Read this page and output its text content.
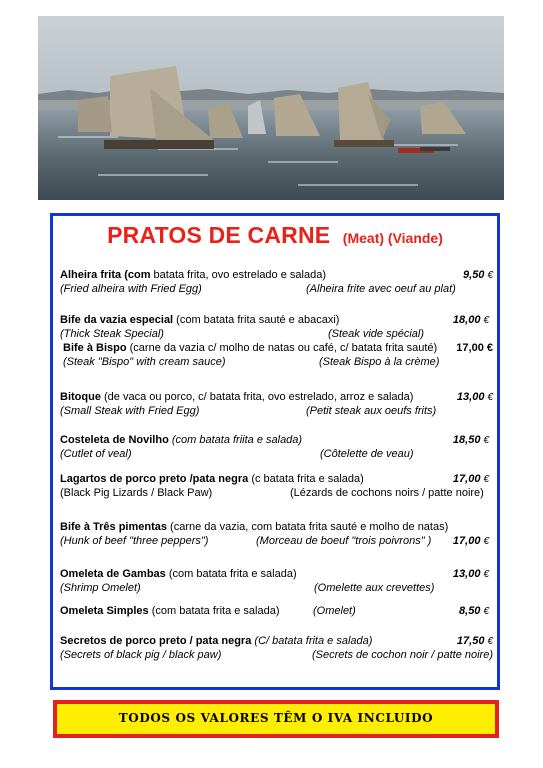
PRATOS DE CARNE (Meat) (Viande)
Alheira frita (com batata frita, ovo estrelado e salada)	9,50 €
(Fried alheira with Fried Egg)	(Alheira frite avec oeuf au plat)
Bife da vazia especial (com batata frita sauté e abacaxi)	18,00 €
(Thick Steak Special)	(Steak vide spécial)
Bife à Bispo (carne da vazia c/ molho de natas ou café, c/ batata frita sauté) 17,00 €
(Steak "Bispo" with cream sauce)	(Steak Bispo à la crème)
Bitoque (de vaca ou porco, c/ batata frita, ovo estrelado, arroz e salada)	13,00 €
(Small Steak with Fried Egg)	(Petit steak aux oeufs frits)
Costeleta de Novilho (com batata friita e salada)	18,50 €
(Cutlet of veal)	(Côtelette de veau)
Lagartos de porco preto /pata negra (c batata frita e salada)	17,00 €
(Black Pig Lizards / Black Paw)	(Lézards de cochons noirs / patte noire)
Bife à Três pimentas (carne da vazia, com batata frita sauté e molho de natas)
(Hunk of beef "three peppers")	(Morceau de boeuf "trois poivrons" ) 17,00 €
Omeleta de Gambas (com batata frita e salada)	13,00 €
(Shrimp Omelet)	(Omelette aux crevettes)
Omeleta Simples (com batata frita e salada)	(Omelet)	8,50 €
Secretos de porco preto / pata negra (C/ batata frita e salada)	17,50 €
(Secrets of black pig / black paw)	(Secrets de cochon noir / patte noire)
TODOS OS VALORES TÊM O IVA INCLUIDO
